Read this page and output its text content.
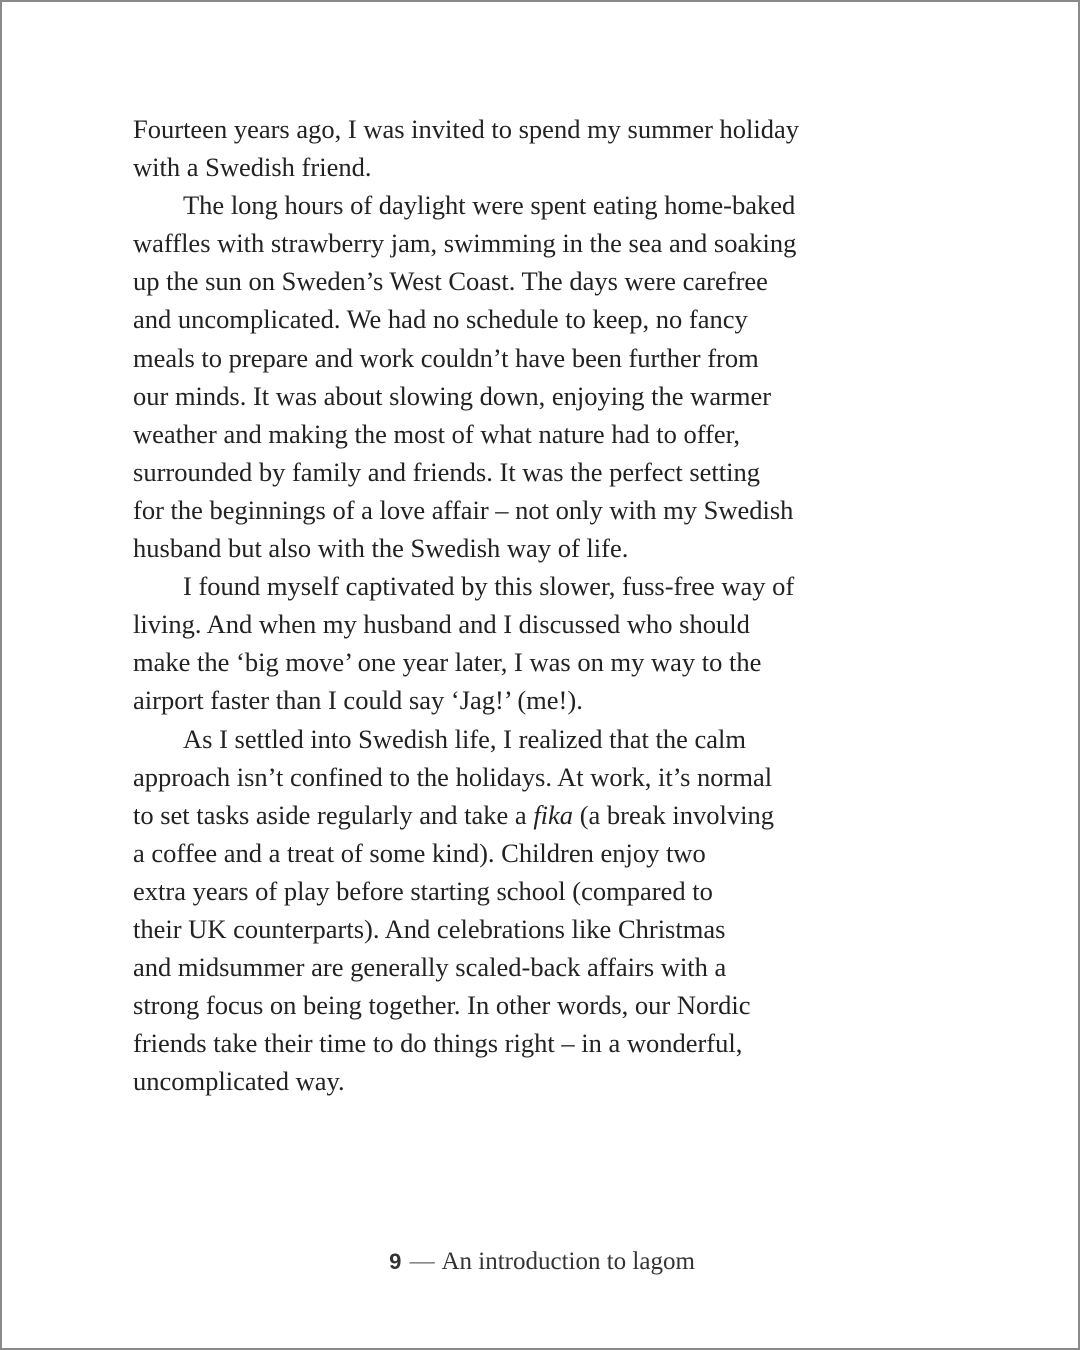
Fourteen years ago, I was invited to spend my summer holiday
with a Swedish friend.
The long hours of daylight were spent eating home-baked
waffles with strawberry jam, swimming in the sea and soaking
up the sun on Sweden’s West Coast. The days were carefree
and uncomplicated. We had no schedule to keep, no fancy
meals to prepare and work couldn’t have been further from
our minds. It was about slowing down, enjoying the warmer
weather and making the most of what nature had to offer,
surrounded by family and friends. It was the perfect setting
for the beginnings of a love affair – not only with my Swedish
husband but also with the Swedish way of life.
I found myself captivated by this slower, fuss-free way of
living. And when my husband and I discussed who should
make the ‘big move’ one year later, I was on my way to the
airport faster than I could say ‘Jag!’ (me!).
As I settled into Swedish life, I realized that the calm
approach isn’t confined to the holidays. At work, it’s normal
to set tasks aside regularly and take a fika (a break involving
a coffee and a treat of some kind). Children enjoy two
extra years of play before starting school (compared to
their UK counterparts). And celebrations like Christmas
and midsummer are generally scaled-back affairs with a
strong focus on being together. In other words, our Nordic
friends take their time to do things right – in a wonderful,
uncomplicated way.
9 — An introduction to lagom
